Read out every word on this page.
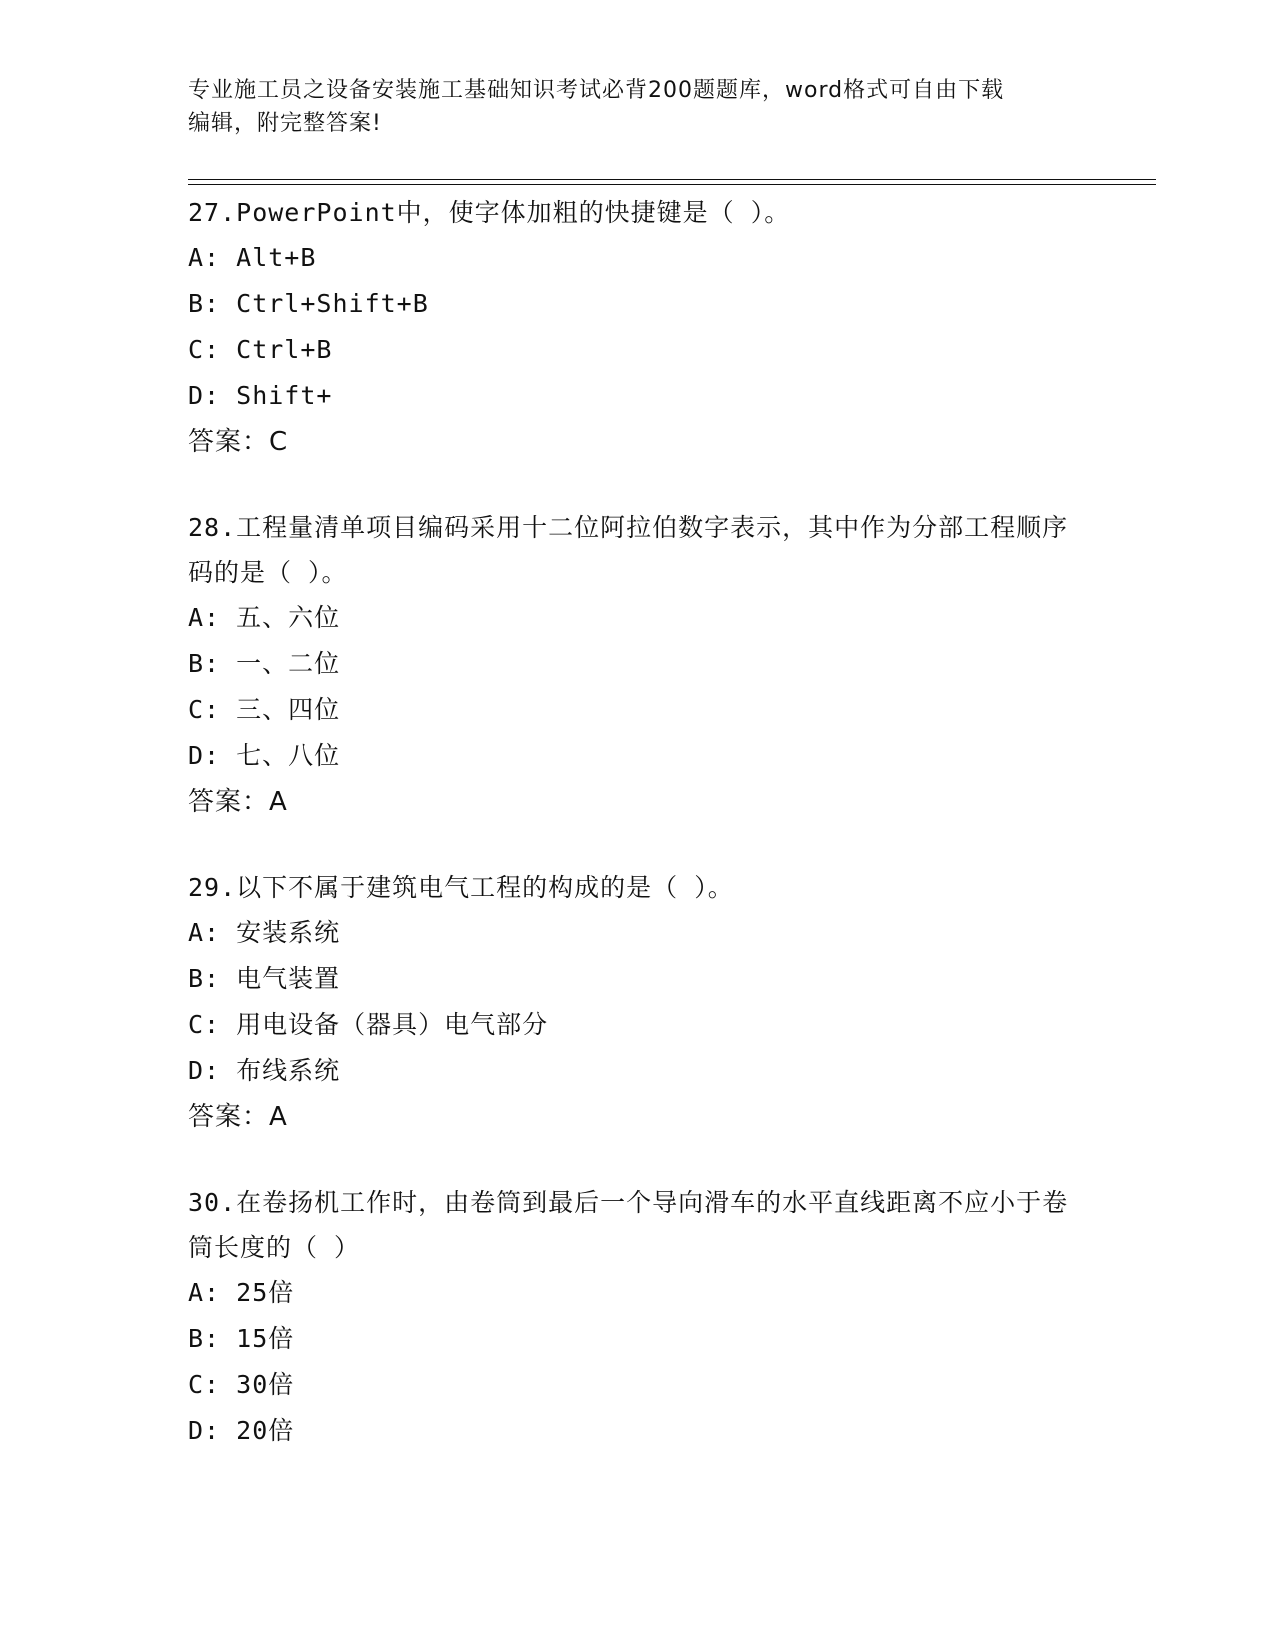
专业施工员之设备安装施工基础知识考试必背200题题库，word格式可自由下载
编辑，附完整答案!
27.PowerPoint中，使字体加粗的快捷键是（ ）。
A: Alt+B
B: Ctrl+Shift+B
C: Ctrl+B
D: Shift+
答案：C
28.工程量清单项目编码采用十二位阿拉伯数字表示，其中作为分部工程顺序码的是（ ）。
A: 五、六位
B: 一、二位
C: 三、四位
D: 七、八位
答案：A
29.以下不属于建筑电气工程的构成的是（ ）。
A: 安装系统
B: 电气装置
C: 用电设备（器具）电气部分
D: 布线系统
答案：A
30.在卷扬机工作时，由卷筒到最后一个导向滑车的水平直线距离不应小于卷筒长度的（ ）
A: 25倍
B: 15倍
C: 30倍
D: 20倍
